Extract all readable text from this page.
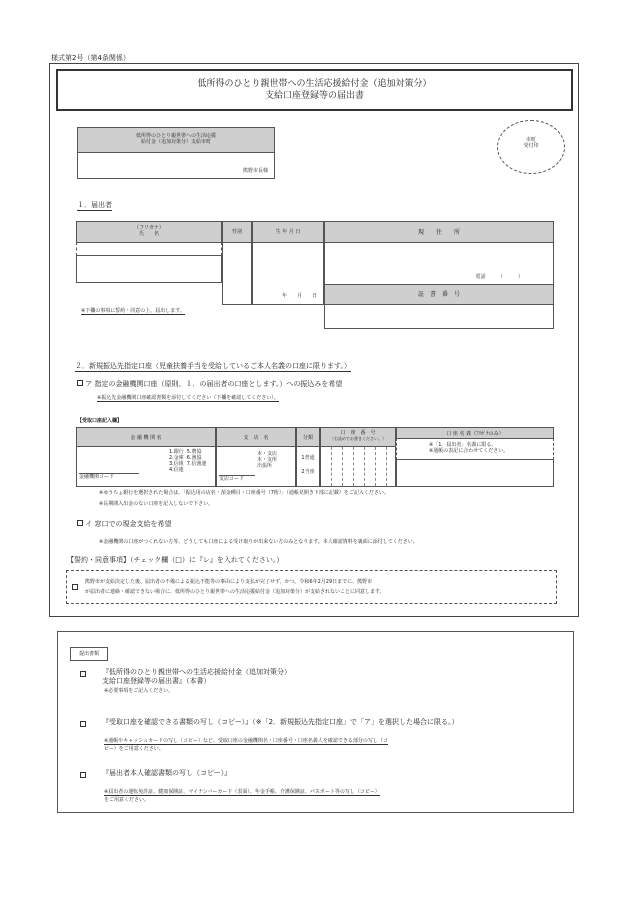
様式第2号（第4条関係）
低所得のひとり親世帯への生活応援給付金（追加対策分）
支給口座登録等の届出書
低所得のひとり親世帯への生活応援
給付金（追加対策分）支給市町
熊野市長様
市町
受付印
１．届出者
（フリガナ）
氏　　名	性別	生 年 月 日
年　　月　　日
現　　住　　所
電話　　　（　　　）
証　書　番　号
※下欄の事項に誓約・同意の上、届出します。
２．新規振込先指定口座（児童扶養手当を受給しているご本人名義の口座に限ります。）
ア 指定の金融機関口座（原則、１．の届出者の口座とします。）への振込みを希望
※振込先金融機関口座確認書類を添付してください（下欄を確認してください）。
【受取口座記入欄】
金 融 機 関 名
1.銀行 5.農協
2.金庫 6.漁協
3.信組 7.信漁連
4.信連
金融機関コード
支　店　名
本・支店
本・支所
出張所
支店コード
分類
1普通
2当座
口　座　番　号
（右詰めでお書きください。）
口 座 名 義（ﾌﾘｶﾞﾅのみ）
※「1．届出者」名義に限る。
※通帳の表記に合わせてください。
※ゆうちょ銀行を選択された場合は、「振込用の店名・預金種目・口座番号（7桁）」（通帳見開き下部に記載）をご記入ください。
※長期間入出金のない口座を記入しないで下さい。
イ 窓口での現金支給を希望
※金融機関の口座がつくれない方等、どうしても口座による受け取りが出来ない方のみとなります。本人確認資料を裏面に添付してください。
【誓約・同意事項】（チェック欄（□）に『レ』を入れてください。）
熊野市が支給決定した後、届出者の不備による振込不能等の事由により支払が完了せず、かつ、令和6年2月29日までに、熊野市
が届出者に連絡・確認できない場合に、低所得のひとり親世帯への生活応援給付金（追加対策分）が支給されないことに同意します。
提出書類
『低所得のひとり親世帯への生活応援給付金（追加対策分）
支給口座登録等の届出書』（本書）
※必要事項をご記入ください。
『受取口座を確認できる書類の写し（コピー）』（※「2．新規振込先指定口座」で「ア」を選択した場合に限る。）
※通帳やキャッシュカードの写し（コピー）など、受取口座の金融機関名・口座番号・口座名義人を確認できる部分の写し（コ
ピー）をご用意ください。
『届出者本人確認書類の写し（コピー）』
※届出者の運転免許証、健康保険証、マイナンバーカード（表面）、年金手帳、介護保険証、パスポート等の写し（コピー）
をご用意ください。
